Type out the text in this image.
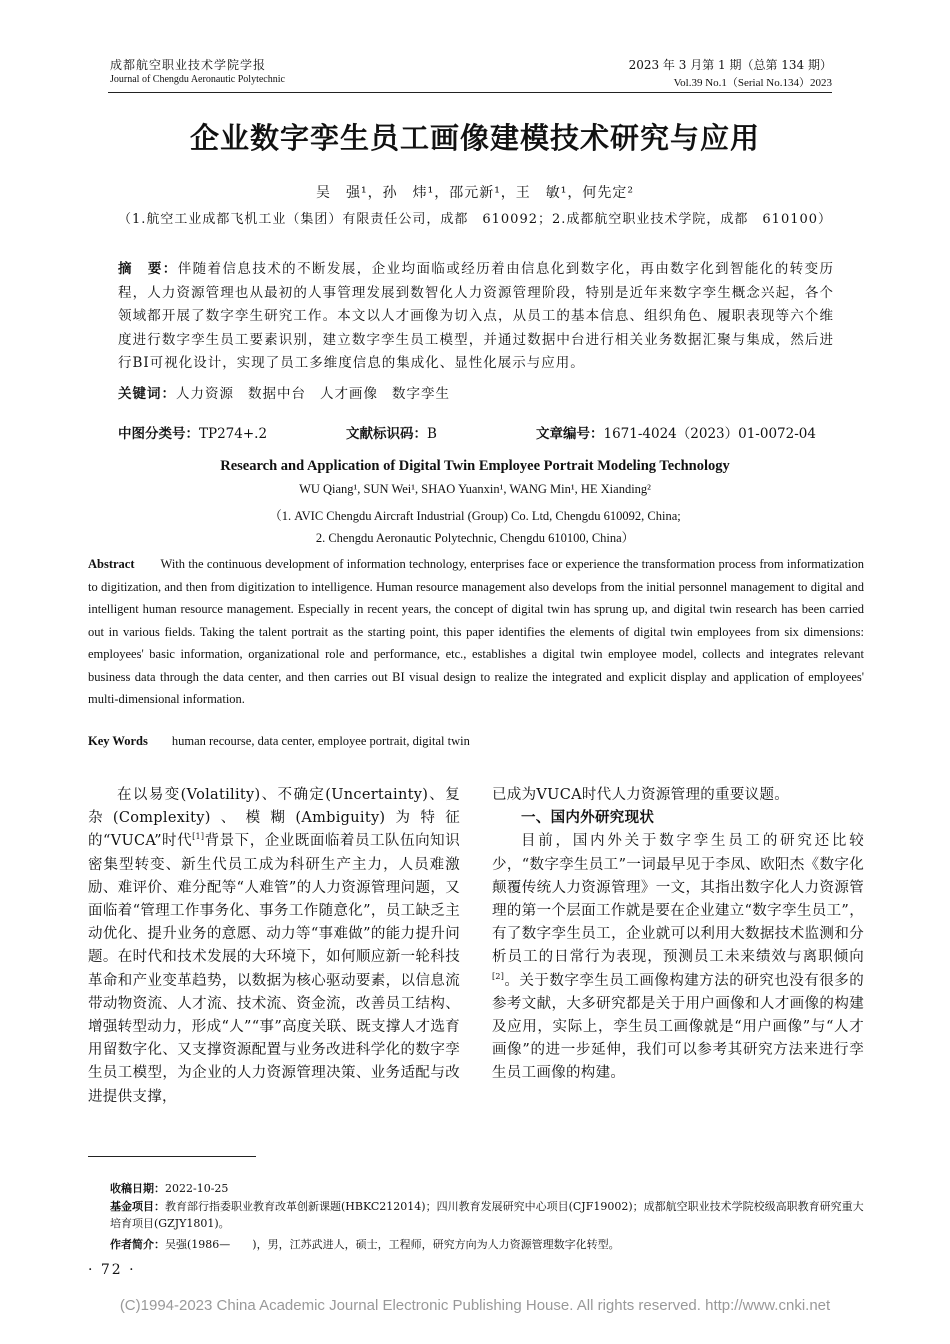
成都航空职业技术学院学报
Journal of Chengdu Aeronautic Polytechnic
2023 年 3 月第 1 期（总第 134 期）
Vol.39 No.1（Serial No.134）2023
企业数字孪生员工画像建模技术研究与应用
吴　强¹，孙　炜¹，邵元新¹，王　敏¹，何先定²
（1.航空工业成都飞机工业（集团）有限责任公司，成都　610092；2.成都航空职业技术学院，成都　610100）
摘　要：伴随着信息技术的不断发展，企业均面临或经历着由信息化到数字化，再由数字化到智能化的转变历程，人力资源管理也从最初的人事管理发展到数智化人力资源管理阶段，特别是近年来数字孪生概念兴起，各个领域都开展了数字孪生研究工作。本文以人才画像为切入点，从员工的基本信息、组织角色、履职表现等六个维度进行数字孪生员工要素识别，建立数字孪生员工模型，并通过数据中台进行相关业务数据汇聚与集成，然后进行BI可视化设计，实现了员工多维度信息的集成化、显性化展示与应用。
关键词：人力资源 数据中台 人才画像 数字孪生
中图分类号：TP274+.2	文献标识码：B	文章编号：1671-4024（2023）01-0072-04
Research and Application of Digital Twin Employee Portrait Modeling Technology
WU Qiang¹, SUN Wei¹, SHAO Yuanxin¹, WANG Min¹, HE Xianding²
（1. AVIC Chengdu Aircraft Industrial (Group) Co. Ltd, Chengdu 610092, China;
2. Chengdu Aeronautic Polytechnic, Chengdu 610100, China）
Abstract With the continuous development of information technology, enterprises face or experience the transformation process from informatization to digitization, and then from digitization to intelligence. Human resource management also develops from the initial personnel management to digital and intelligent human resource management. Especially in recent years, the concept of digital twin has sprung up, and digital twin research has been carried out in various fields. Taking the talent portrait as the starting point, this paper identifies the elements of digital twin employees from six dimensions: employees' basic information, organizational role and performance, etc., establishes a digital twin employee model, collects and integrates relevant business data through the data center, and then carries out BI visual design to realize the integrated and explicit display and application of employees' multi-dimensional information.
Key Words human recourse, data center, employee portrait, digital twin

在以易变(Volatility)、不确定(Uncertainty)、复杂(Complexity)、模糊(Ambiguity)为特征的“VUCA”时代[1]背景下，企业既面临着员工队伍向知识密集型转变、新生代员工成为科研生产主力，人员难激励、难评价、难分配等“人难管”的人力资源管理问题，又面临着“管理工作事务化、事务工作随意化”，员工缺乏主动优化、提升业务的意愿、动力等“事难做”的能力提升问题。在时代和技术发展的大环境下，如何顺应新一轮科技革命和产业变革趋势，以数据为核心驱动要素，以信息流带动物资流、人才流、技术流、资金流，改善员工结构、增强转型动力，形成“人”“事”高度关联、既支撑人才选育用留数字化、又支撑资源配置与业务改进科学化的数字孪生员工模型，为企业的人力资源管理决策、业务适配与改进提供支撑，

已成为VUCA时代人力资源管理的重要议题。

一、国内外研究现状

目前，国内外关于数字孪生员工的研究还比较少，“数字孪生员工”一词最早见于李凤、欧阳杰《数字化颠覆传统人力资源管理》一文，其指出数字化人力资源管理的第一个层面工作就是要在企业建立“数字孪生员工”，有了数字孪生员工，企业就可以利用大数据技术监测和分析员工的日常行为表现，预测员工未来绩效与离职倾向[2]。关于数字孪生员工画像构建方法的研究也没有很多的参考文献，大多研究都是关于用户画像和人才画像的构建及应用，实际上，孪生员工画像就是“用户画像”与“人才画像”的进一步延伸，我们可以参考其研究方法来进行孪生员工画像的构建。

收稿日期：2022-10-25
基金项目：教育部行指委职业教育改革创新课题(HBKC212014)；四川教育发展研究中心项目(CJF19002)；成都航空职业技术学院校级高职教育研究重大培育项目(GZJY1801)。
作者简介：吴强(1986—　　)，男，江苏武进人，硕士，工程师，研究方向为人力资源管理数字化转型。
· 72 ·
(C)1994-2023 China Academic Journal Electronic Publishing House. All rights reserved. http://www.cnki.net
